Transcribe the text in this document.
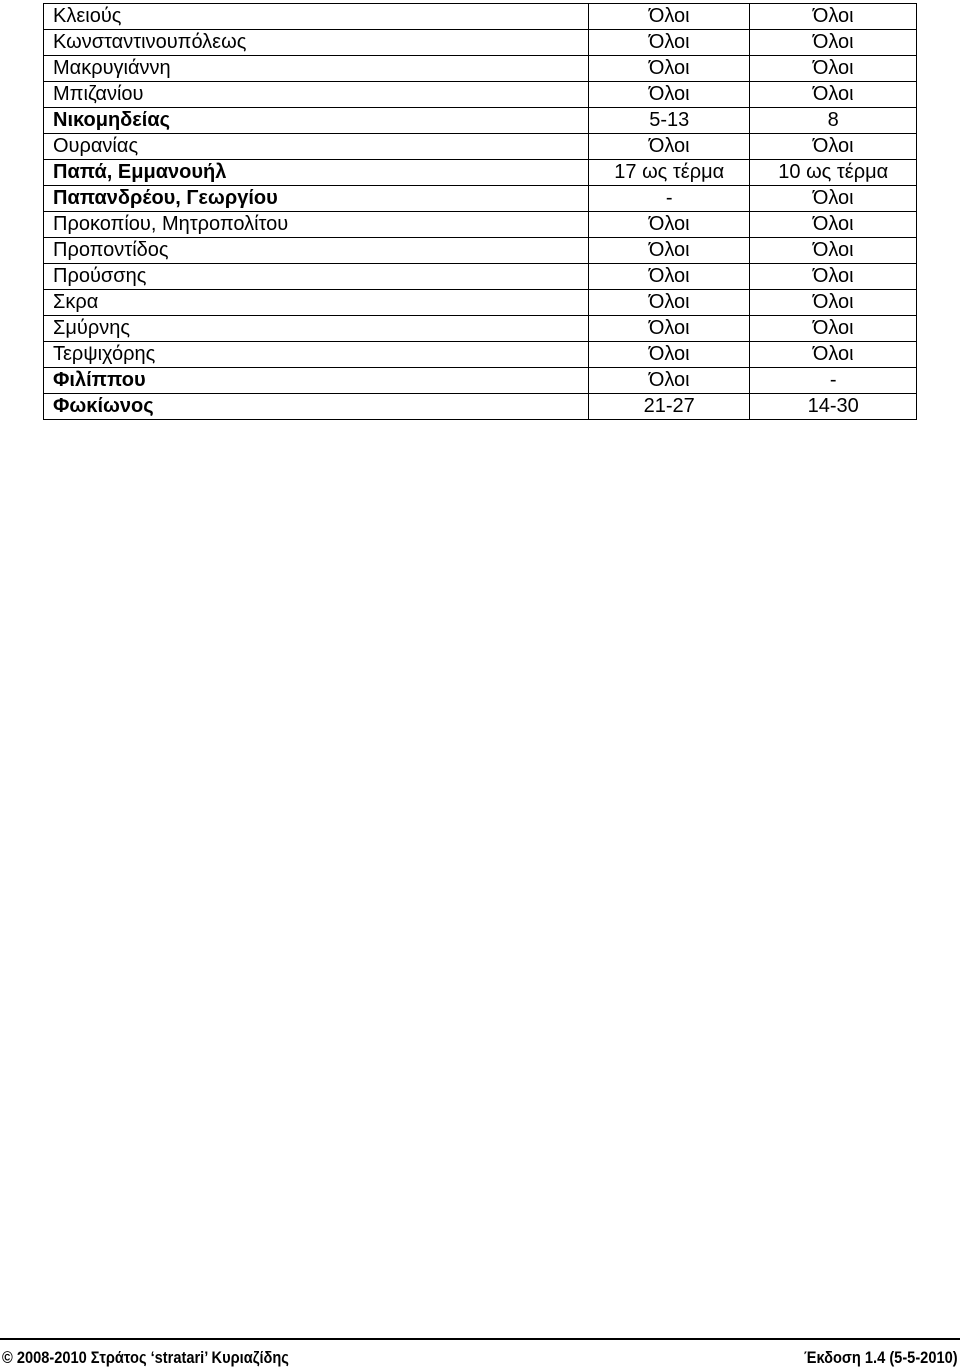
Κλειούς	Όλοι	Όλοι
Κωνσταντινουπόλεως	Όλοι	Όλοι
Μακρυγιάννη	Όλοι	Όλοι
Μπιζανίου	Όλοι	Όλοι
Νικομηδείας	5-13	8
Ουρανίας	Όλοι	Όλοι
Παπά, Εμμανουήλ	17 ως τέρμα	10 ως τέρμα
Παπανδρέου, Γεωργίου	-	Όλοι
Προκοπίου, Μητροπολίτου	Όλοι	Όλοι
Προποντίδος	Όλοι	Όλοι
Προύσσης	Όλοι	Όλοι
Σκρα	Όλοι	Όλοι
Σμύρνης	Όλοι	Όλοι
Τερψιχόρης	Όλοι	Όλοι
Φιλίππου	Όλοι	-
Φωκίωνος	21-27	14-30
© 2008-2010 Στράτος ‘stratari’ Κυριαζίδης	Έκδοση 1.4 (5-5-2010)
